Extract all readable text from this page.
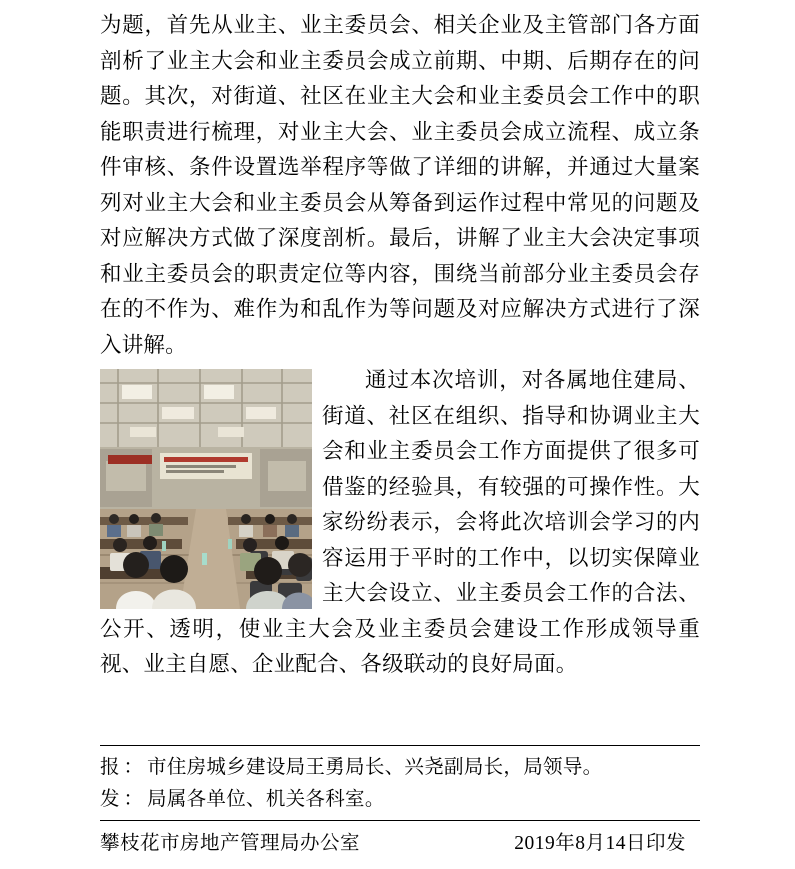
为题，首先从业主、业主委员会、相关企业及主管部门各方面剖析了业主大会和业主委员会成立前期、中期、后期存在的问题。其次，对街道、社区在业主大会和业主委员会工作中的职能职责进行梳理，对业主大会、业主委员会成立流程、成立条件审核、条件设置选举程序等做了详细的讲解，并通过大量案列对业主大会和业主委员会从筹备到运作过程中常见的问题及对应解决方式做了深度剖析。最后，讲解了业主大会决定事项和业主委员会的职责定位等内容，围绕当前部分业主委员会存在的不作为、难作为和乱作为等问题及对应解决方式进行了深入讲解。

通过本次培训，对各属地住建局、街道、社区在组织、指导和协调业主大会和业主委员会工作方面提供了很多可借鉴的经验具，有较强的可操作性。大家纷纷表示，会将此次培训会学习的内容运用于平时的工作中，以切实保障业主大会设立、业主委员会工作的合法、公开、透明，使业主大会及业主委员会建设工作形成领导重视、业主自愿、企业配合、各级联动的良好局面。

报：市住房城乡建设局王勇局长、兴尧副局长，局领导。
发：局属各单位、机关各科室。
攀枝花市房地产管理局办公室	2019年8月14日印发
